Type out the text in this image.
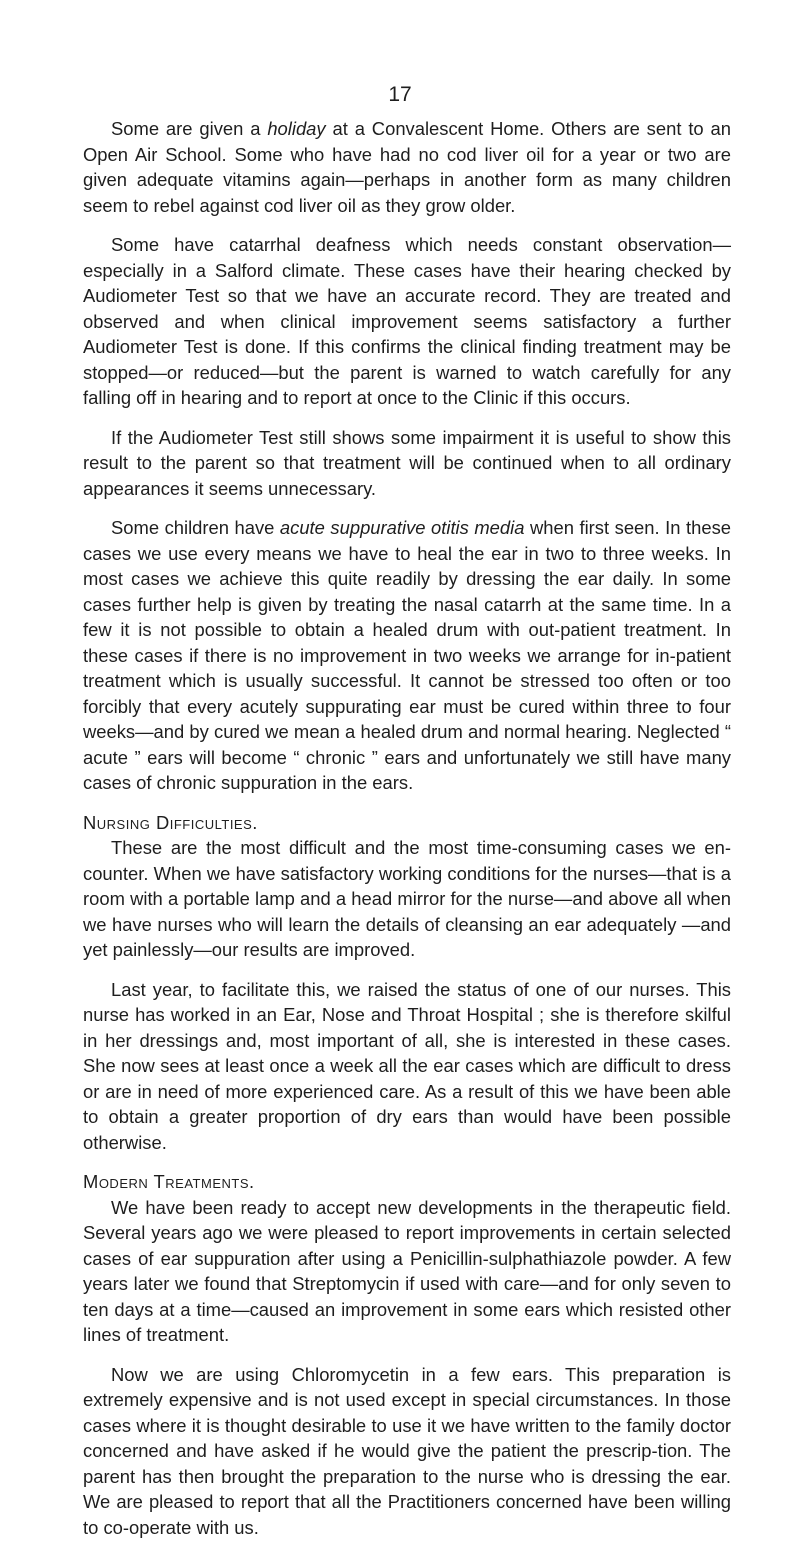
17

Some are given a holiday at a Convalescent Home. Others are sent to an Open Air School. Some who have had no cod liver oil for a year or two are given adequate vitamins again—perhaps in another form as many children seem to rebel against cod liver oil as they grow older.

Some have catarrhal deafness which needs constant observation—especially in a Salford climate. These cases have their hearing checked by Audiometer Test so that we have an accurate record. They are treated and observed and when clinical improvement seems satisfactory a further Audiometer Test is done. If this confirms the clinical finding treatment may be stopped—or reduced—but the parent is warned to watch carefully for any falling off in hearing and to report at once to the Clinic if this occurs.

If the Audiometer Test still shows some impairment it is useful to show this result to the parent so that treatment will be continued when to all ordinary appearances it seems unnecessary.

Some children have acute suppurative otitis media when first seen. In these cases we use every means we have to heal the ear in two to three weeks. In most cases we achieve this quite readily by dressing the ear daily. In some cases further help is given by treating the nasal catarrh at the same time. In a few it is not possible to obtain a healed drum with out-patient treatment. In these cases if there is no improvement in two weeks we arrange for in-patient treatment which is usually successful. It cannot be stressed too often or too forcibly that every acutely suppurating ear must be cured within three to four weeks—and by cured we mean a healed drum and normal hearing. Neglected “ acute ” ears will become “ chronic ” ears and unfortunately we still have many cases of chronic suppuration in the ears.

Nursing Difficulties.

These are the most difficult and the most time-consuming cases we en-counter. When we have satisfactory working conditions for the nurses—that is a room with a portable lamp and a head mirror for the nurse—and above all when we have nurses who will learn the details of cleansing an ear adequately —and yet painlessly—our results are improved.

Last year, to facilitate this, we raised the status of one of our nurses. This nurse has worked in an Ear, Nose and Throat Hospital ; she is therefore skilful in her dressings and, most important of all, she is interested in these cases. She now sees at least once a week all the ear cases which are difficult to dress or are in need of more experienced care. As a result of this we have been able to obtain a greater proportion of dry ears than would have been possible otherwise.

Modern Treatments.

We have been ready to accept new developments in the therapeutic field. Several years ago we were pleased to report improvements in certain selected cases of ear suppuration after using a Penicillin-sulphathiazole powder. A few years later we found that Streptomycin if used with care—and for only seven to ten days at a time—caused an improvement in some ears which resisted other lines of treatment.

Now we are using Chloromycetin in a few ears. This preparation is extremely expensive and is not used except in special circumstances. In those cases where it is thought desirable to use it we have written to the family doctor concerned and have asked if he would give the patient the prescrip-tion. The parent has then brought the preparation to the nurse who is dressing the ear. We are pleased to report that all the Practitioners concerned have been willing to co-operate with us.
